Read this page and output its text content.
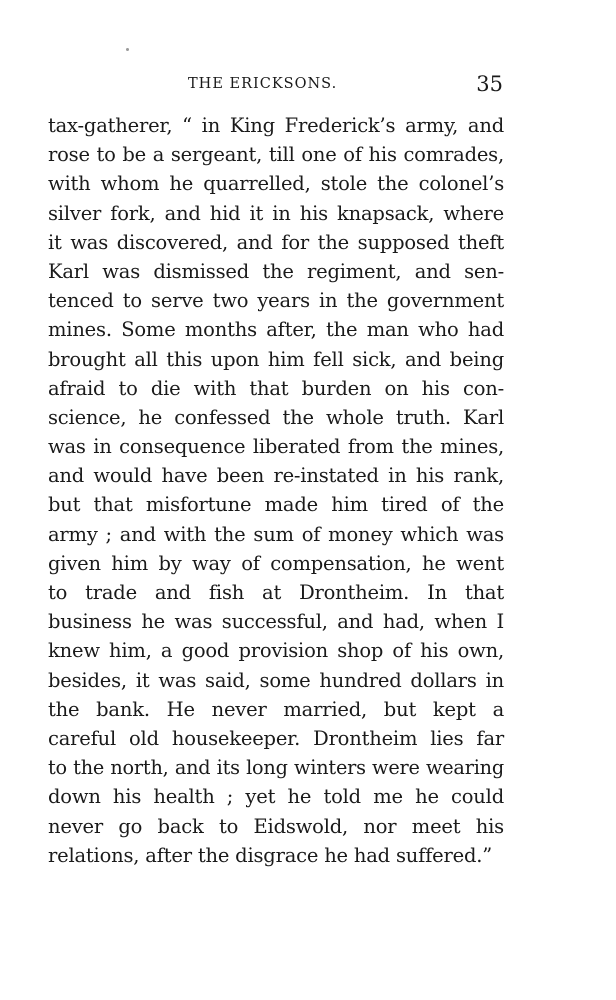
THE ERICKSONS.	35
tax-gatherer, “ in King Frederick’s army, and
rose to be a sergeant, till one of his comrades,
with whom he quarrelled, stole the colonel’s
silver fork, and hid it in his knapsack, where
it was discovered, and for the supposed theft
Karl was dismissed the regiment, and sen-
tenced to serve two years in the government
mines. Some months after, the man who had
brought all this upon him fell sick, and being
afraid to die with that burden on his con-
science, he confessed the whole truth. Karl
was in consequence liberated from the mines,
and would have been re-instated in his rank,
but that misfortune made him tired of the
army ; and with the sum of money which was
given him by way of compensation, he went
to trade and fish at Drontheim. In that
business he was successful, and had, when I
knew him, a good provision shop of his own,
besides, it was said, some hundred dollars in
the bank. He never married, but kept a
careful old housekeeper. Drontheim lies far
to the north, and its long winters were wearing
down his health ; yet he told me he could
never go back to Eidswold, nor meet his
relations, after the disgrace he had suffered.”
